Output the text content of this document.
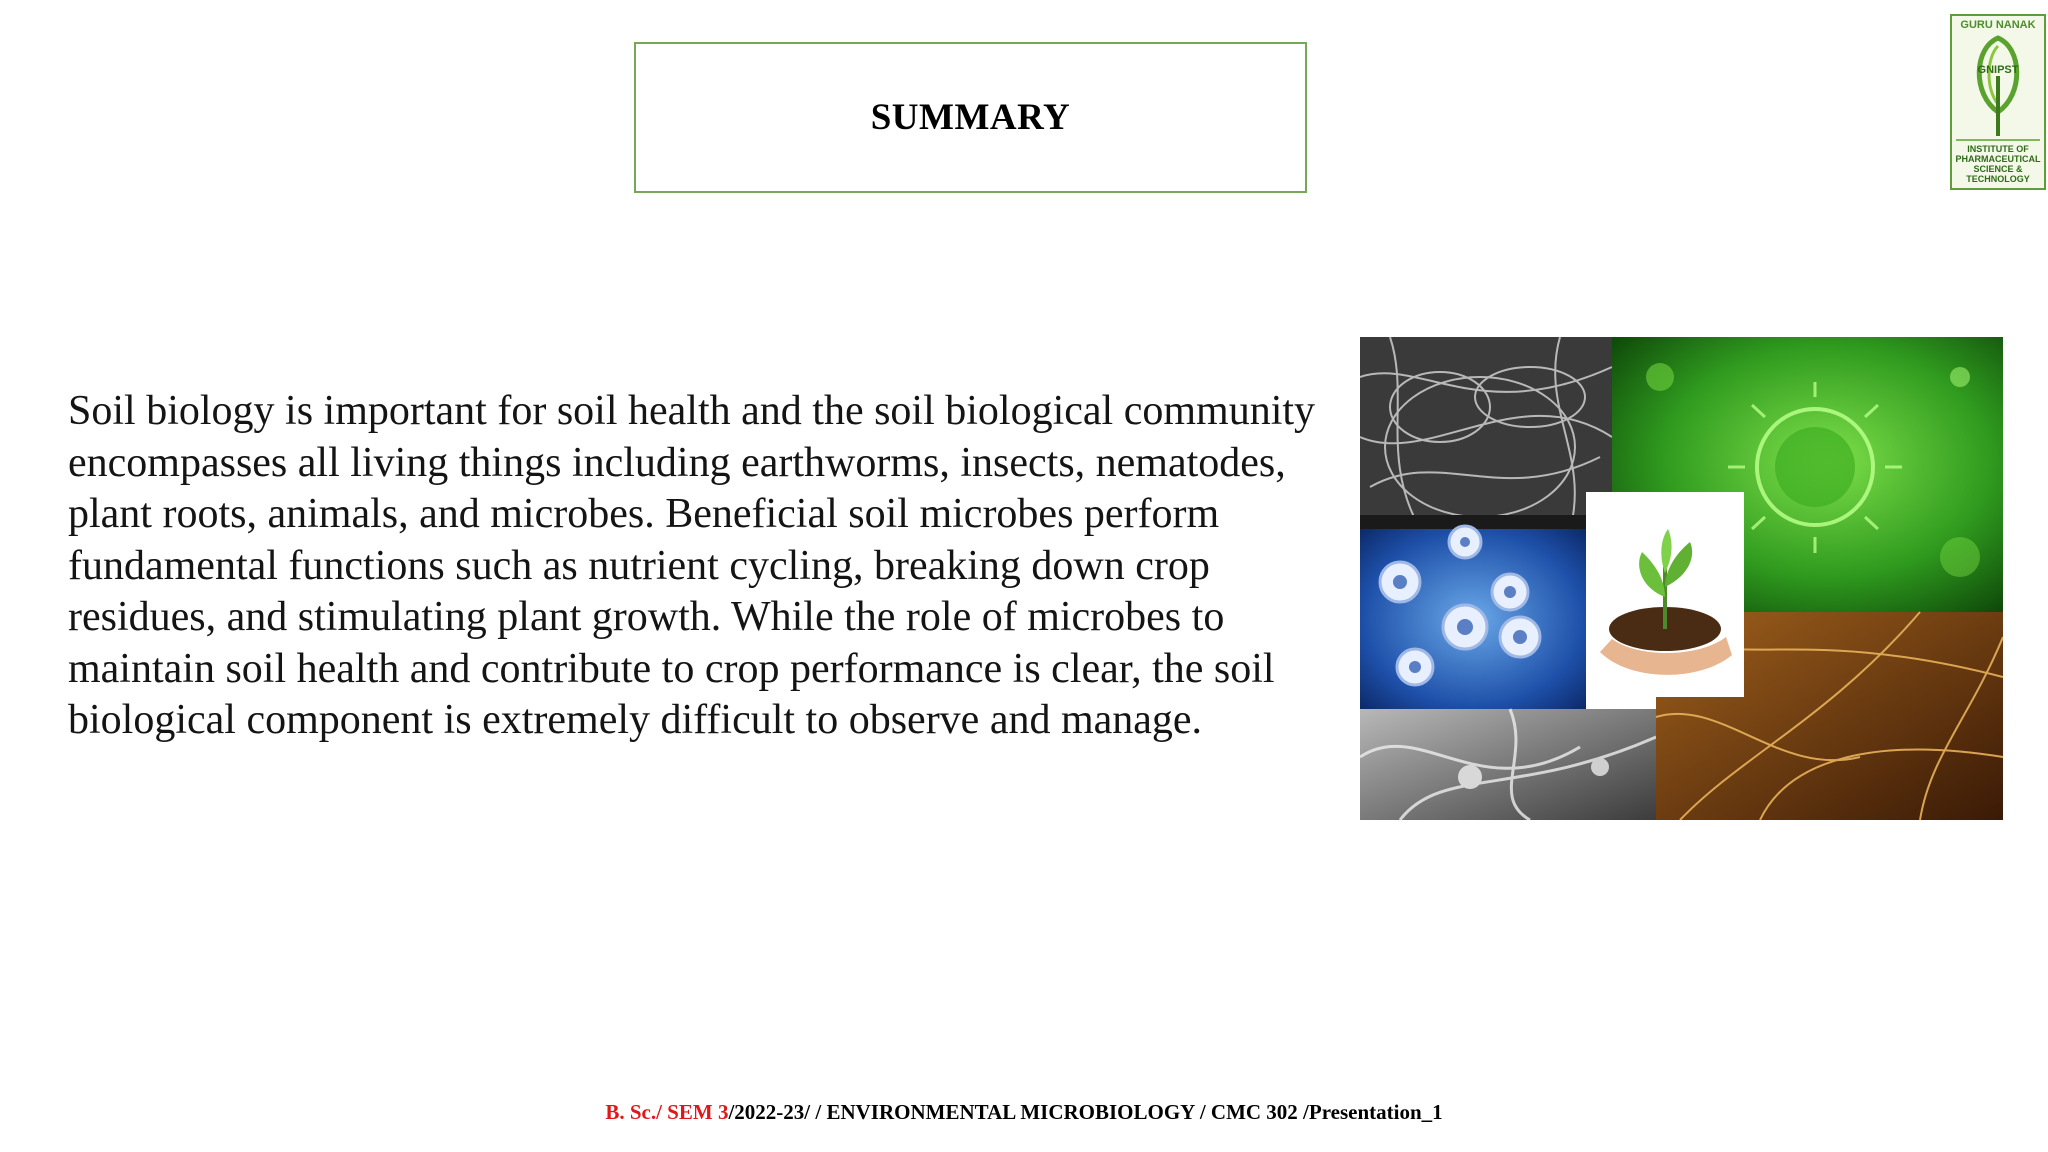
SUMMARY
GURU NANAK
GNIPST
INSTITUTE OF
PHARMACEUTICAL
SCIENCE & TECHNOLOGY
Soil biology is important for soil health and the soil biological community encompasses all living things including earthworms, insects, nematodes, plant roots, animals, and microbes. Beneficial soil microbes perform fundamental functions such as nutrient cycling, breaking down crop residues, and stimulating plant growth. While the role of microbes to maintain soil health and contribute to crop performance is clear, the soil biological component is extremely difficult to observe and manage.
B. Sc./ SEM 3/2022-23/ / ENVIRONMENTAL MICROBIOLOGY / CMC 302 /Presentation_1
